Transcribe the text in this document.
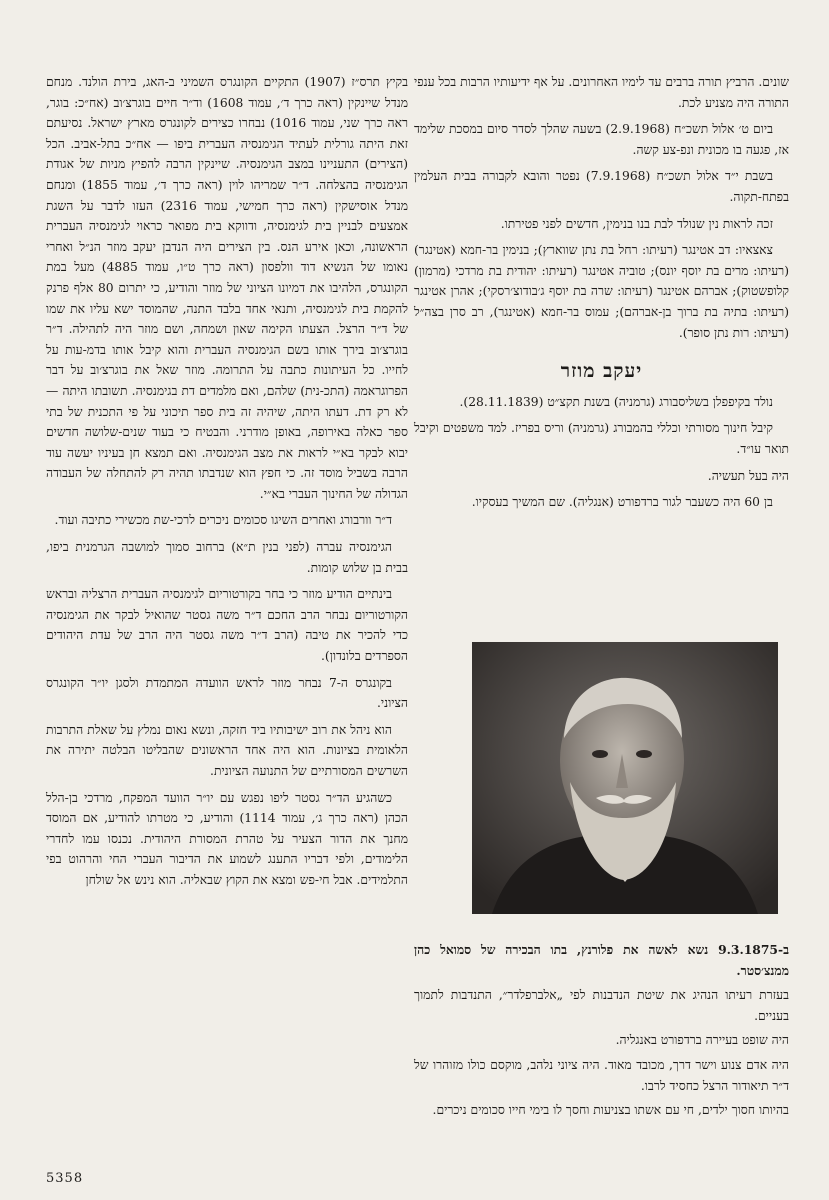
שונים. הרביץ תורה ברבים עד לימיו האחרונים. על אף ידיעותיו הרבות בכל ענפי התורה היה מצניע לכת.

ביום ט׳ אלול תשכ״ח (2.9.1968) בשעה שהלך לסדר סיום במסכת שלימד אז, פגעה בו מכונית ונפ-צע קשה.

בשבת י״ד אלול תשכ״ח (7.9.1968) נפטר והובא לקבורה בבית העלמין בפתח-תקוה.

זכה לראות נין שנולד לבת בנו בנימין, חדשים לפני פטירתו.

צאצאיו: דב אטינגר (רעיתו: רחל בת נתן שווארץ); בנימין בר-חמא (אטינגר) (רעיתו: מרים בת יוסף יונס); טוביה אטינגר (רעיתו: יהודית בת מרדכי (מרמון) קלופשטוק); אברהם אטינגר (רעיתו: שרה בת יוסף ג׳בודוצ׳רסקי); אהרן אטינגר (רעיתו: בתיה בת ברוך בן-אברהם); עמוס בר-חמא (אטינגר), רב סרן בצה״ל (רעיתו: רות נתן סופר).

יעקב מוזר

נולד בקיפפלן בשליסבורג (גרמניה) בשנת תקצ״ט (28.11.1839).

קיבל חינוך מסורתי וכללי בהמבורג (גרמניה) וריס בפריז. למד משפטים וקיבל תואר עו״ד.

היה בעל תעשיה.

בן 60 היה כשעבר לגור ברדפורט (אנגליה). שם המשיך בעסקיו.

ב-9.3.1875 נשא לאשה את פלורנץ, בתו הבכירה של סמואל כהן ממנצ׳סטר.

בעזרת רעיתו הנהיג את שיטת הנדבנות לפי „אלברפלדר״, התנדבות לתמוך בעניים.

היה שופט בעיירה ברדפורט באנגליה.

היה אדם צנוע וישר דרך, מכובד מאוד. היה ציוני נלהב, מוקסם כולו מזוהרו של ד״ר תיאודור הרצל כחסיד לרבו.

בהיותו חסוך ילדים, חי עם אשתו בצניעות וחסך לו בימי חייו סכומים ניכרים.

בקיץ תרס״ז (1907) התקיים הקונגרס השמיני ב-האג, בירת הולנד. מנחם מנדל שיינקין (ראה כרך ד׳, עמוד 1608) וד״ר חיים בוגרצ׳וב (אח״כ: בוגר, ראה כרך שני, עמוד 1016) נבחרו כצירים לקונגרס מארץ ישראל. נסיעתם זאת היתה גורלית לעתיד הגימנסיה העברית ביפו — אח״כ בתל-אביב. הכל (הצירים) התעניינו במצב הגימנסיה. שיינקין הרבה להפיץ מניות של אגודת הגימנסיה בהצלחה. ד״ר שמריהו לוין (ראה כרך ד׳, עמוד 1855) ומנחם מנדל אוסישקין (ראה כרך חמישי, עמוד 2316) העזו לדבר על השגת אמצעים לבניין בית לגימנסיה, ודווקא בית מפואר כראוי לגימנסיה העברית הראשונה, וכאן אירע הנס. בין הצירים היה הנדבן יעקב מוזר הנ״ל ואחרי נאומו של הנשיא דוד וולפסון (ראה כרך ט״ו, עמוד 4885) מעל במת הקונגרס, הלהיבו את דמיונו הציוני של מוזר והודיע, כי יתרום 80 אלף פרנק להקמת בית לגימנסיה, ותנאי אחד בלבד התנה, שהמוסד ישא עליו את שמו של ד״ר הרצל. הצעתו הקימה שאון ושמחה, ושם מוזר היה לתהילה. ד״ר בוגרצ׳וב בירך אותו בשם הגימנסיה העברית והוא קיבל אותו בדמ-עות על לחייו. כל העיתונות כתבה על התרומה. מוזר שאל את בוגרצ׳וב על דבר הפרוגראמה (התכ-נית) שלהם, ואם מלמדים דת בגימנסיה. תשובתו היתה — לא רק דת. דעתו היתה, שיהיה זה בית ספר תיכוני על פי התכנית של בתי ספר כאלה באירופה, באופן מודרני. והבטיח כי בעוד שנים-שלושה חדשים יבוא לבקר בא״י לראות את מצב הגימנסיה. ואם תמצא חן בעיניו יעשה עוד הרבה בשביל מוסד זה. כי חפץ הוא שנדבתו תהיה רק להתחלה של העבודה הגדולה של החינוך העברי בא״י.

ד״ר וורבורג ואחרים השיגו סכומים ניכרים לרכי-שת מכשירי כתיבה ועוד.

הגימנסיה עברה (לפני בנין ת״א) ברחוב סמוך למושבה הגרמנית ביפו, בבית בן שלוש קומות.

בינתיים הודיע מוזר כי בחר בקורטוריום לגימנסיה העברית הרצליה ובראש הקורטוריום נבחר הרב החכם ד״ר משה גסטר שהואיל לבקר את הגימנסיה כדי להכיר את טיבה (הרב ד״ר משה גסטר היה הרב של עדת היהודים הספרדים בלונדון).

בקונגרס ה-7 נבחר מוזר לראש הוועדה המתמדת ולסגן יו״ר הקונגרס הציוני.

הוא ניהל את רוב ישיבותיו ביד חזקה, ונשא נאום נמלץ על שאלת התרבות הלאומית בציונות. הוא היה אחד הראשונים שהבליטו הבלטה יתירה את השרשים המסורתיים של התנועה הציונית.

כשהגיע הד״ר גסטר ליפו נפגש עם יו״ר הוועד המפקח, מרדכי בן-הלל הכהן (ראה כרך ג׳, עמוד 1114) והודיע, כי מטרתו להודיע, אם המוסד מחנך את הדור הצעיר על טהרת המסורת היהודית. נכנסו עמו לחדרי הלימודים, ולפי דבריו התענג לשמוע את הדיבור העברי החי והרהוט בפי התלמידים. אבל חי-פש ומצא את הקוץ שבאליה. הוא נינש אל שולחן

5358
